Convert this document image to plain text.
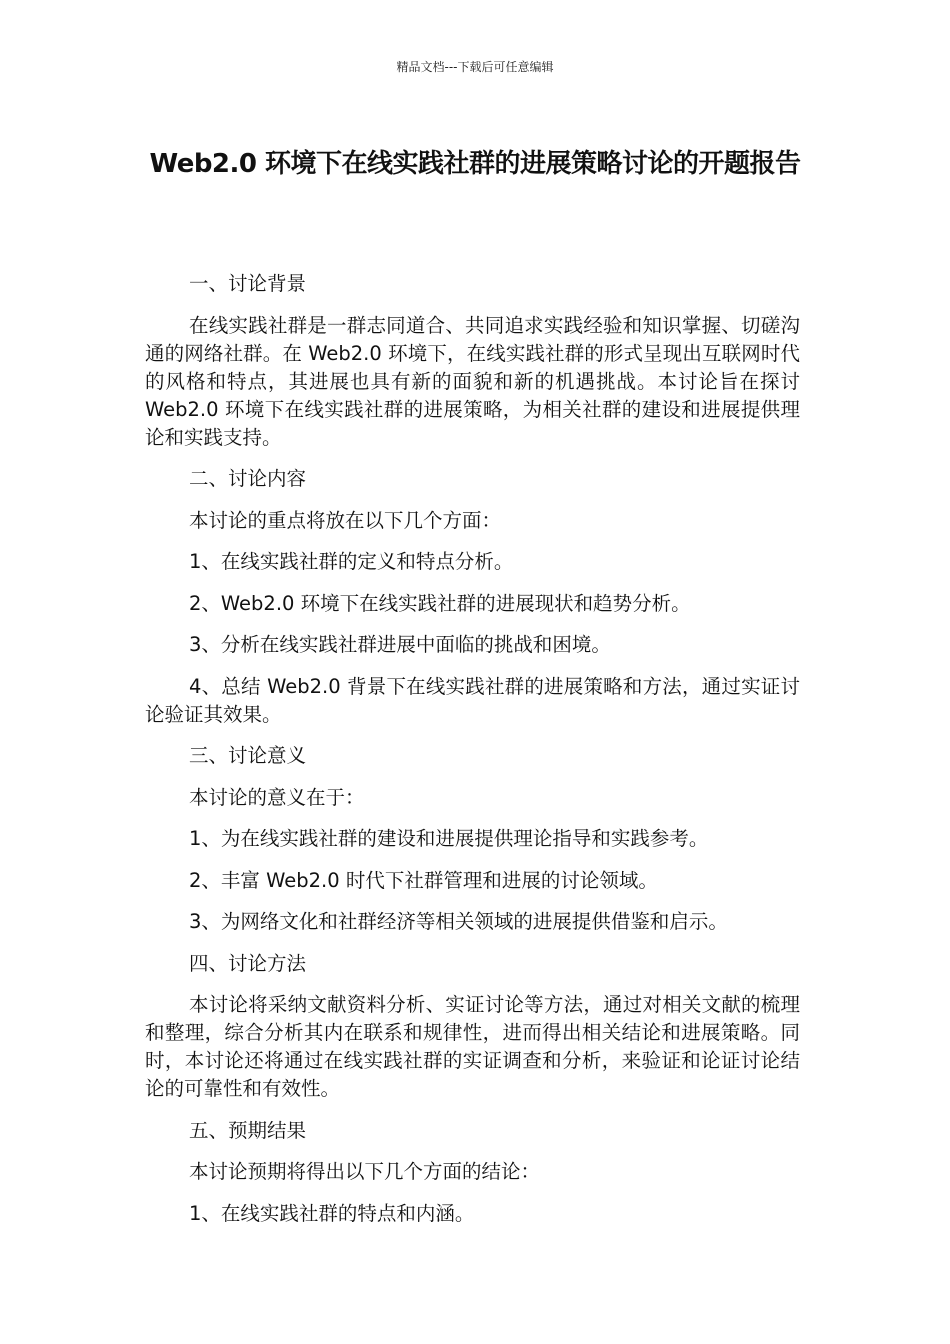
精品文档---下载后可任意编辑
Web2.0 环境下在线实践社群的进展策略讨论的开题报告

一、讨论背景

在线实践社群是一群志同道合、共同追求实践经验和知识掌握、切磋沟通的网络社群。在 Web2.0 环境下，在线实践社群的形式呈现出互联网时代的风格和特点，其进展也具有新的面貌和新的机遇挑战。本讨论旨在探讨 Web2.0 环境下在线实践社群的进展策略，为相关社群的建设和进展提供理论和实践支持。

二、讨论内容

本讨论的重点将放在以下几个方面：

1、在线实践社群的定义和特点分析。

2、Web2.0 环境下在线实践社群的进展现状和趋势分析。

3、分析在线实践社群进展中面临的挑战和困境。

4、总结 Web2.0 背景下在线实践社群的进展策略和方法，通过实证讨论验证其效果。

三、讨论意义

本讨论的意义在于：

1、为在线实践社群的建设和进展提供理论指导和实践参考。

2、丰富 Web2.0 时代下社群管理和进展的讨论领域。

3、为网络文化和社群经济等相关领域的进展提供借鉴和启示。

四、讨论方法

本讨论将采纳文献资料分析、实证讨论等方法，通过对相关文献的梳理和整理，综合分析其内在联系和规律性，进而得出相关结论和进展策略。同时，本讨论还将通过在线实践社群的实证调查和分析，来验证和论证讨论结论的可靠性和有效性。

五、预期结果

本讨论预期将得出以下几个方面的结论：

1、在线实践社群的特点和内涵。
